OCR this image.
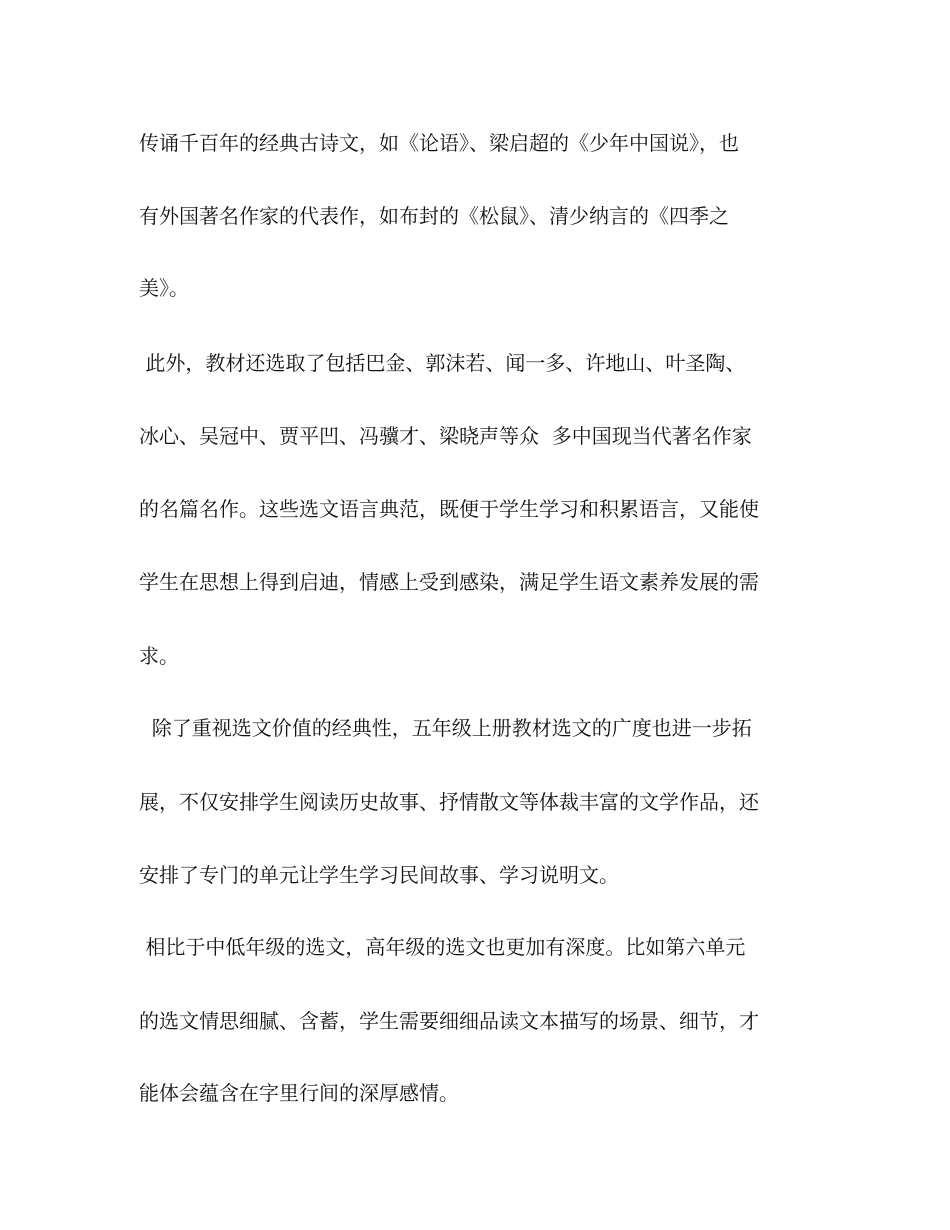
传诵千百年的经典古诗文，如《论语》、梁启超的《少年中国说》，也
有外国著名作家的代表作，如布封的《松鼠》、清少纳言的《四季之
美》。
此外，教材还选取了包括巴金、郭沫若、闻一多、许地山、叶圣陶、
冰心、吴冠中、贾平凹、冯骥才、梁晓声等众  多中国现当代著名作家
的名篇名作。这些选文语言典范，既便于学生学习和积累语言，又能使
学生在思想上得到启迪，情感上受到感染，满足学生语文素养发展的需
求。
除了重视选文价值的经典性，五年级上册教材选文的广度也进一步拓
展，不仅安排学生阅读历史故事、抒情散文等体裁丰富的文学作品，还
安排了专门的单元让学生学习民间故事、学习说明文。
相比于中低年级的选文，高年级的选文也更加有深度。比如第六单元
的选文情思细腻、含蓄，学生需要细细品读文本描写的场景、细节，才
能体会蕴含在字里行间的深厚感情。
